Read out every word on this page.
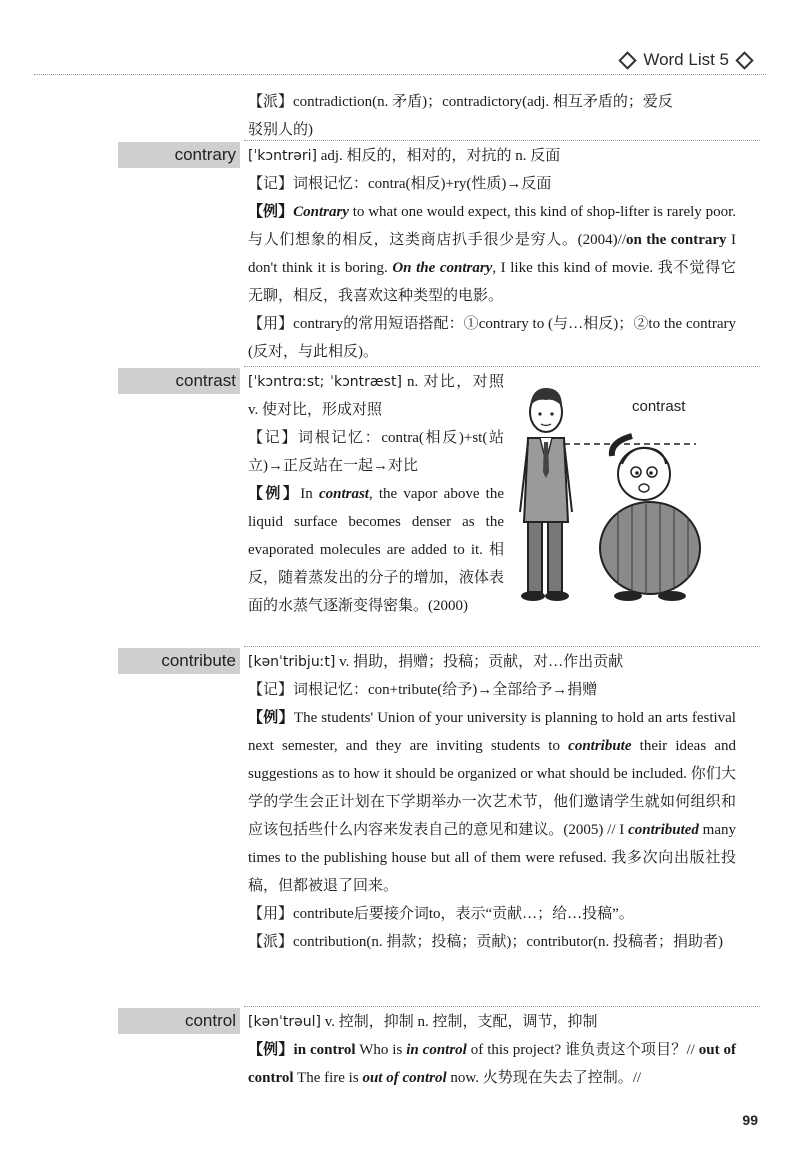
Word List 5

【派】contradiction(n. 矛盾)；contradictory(adj. 相互矛盾的；爱反

驳别人的)

contrary [ˈkɔntrəri] adj. 相反的，相对的，对抗的 n. 反面

【记】词根记忆：contra(相反)+ry(性质)→反面

【例】Contrary to what one would expect, this kind of shop-lifter is rarely poor. 与人们想象的相反，这类商店扒手很少是穷人。(2004)//on the contrary I don't think it is boring. On the contrary, I like this kind of movie. 我不觉得它无聊，相反，我喜欢这种类型的电影。

【用】contrary的常用短语搭配：①contrary to (与…相反)；②to the contrary (反对，与此相反)。

contrast [ˈkɔntrɑːst; ˈkɔntræst] n. 对比，对照 v. 使对比，形成对照

【记】词根记忆：contra(相反)+st(站立)→正反站在一起→对比

【例】In contrast, the vapor above the liquid surface becomes denser as the evaporated molecules are added to it. 相反，随着蒸发出的分子的增加，液体表面的水蒸气逐渐变得密集。(2000)

contrast
contribute [kənˈtribjuːt] v. 捐助，捐赠；投稿；贡献，对…作出贡献

【记】词根记忆：con+tribute(给予)→全部给予→捐赠

【例】The students' Union of your university is planning to hold an arts festival next semester, and they are inviting students to contribute their ideas and suggestions as to how it should be organized or what should be included. 你们大学的学生会正计划在下学期举办一次艺术节，他们邀请学生就如何组织和应该包括些什么内容来发表自己的意见和建议。(2005) // I contributed many times to the publishing house but all of them were refused. 我多次向出版社投稿，但都被退了回来。

【用】contribute后要接介词to，表示“贡献…；给…投稿”。

【派】contribution(n. 捐款；投稿；贡献)；contributor(n. 投稿者；捐助者)

control [kənˈtrəul] v. 控制，抑制 n. 控制，支配，调节，抑制

【例】in control Who is in control of this project? 谁负责这个项目？// out of control The fire is out of control now. 火势现在失去了控制。//

99
